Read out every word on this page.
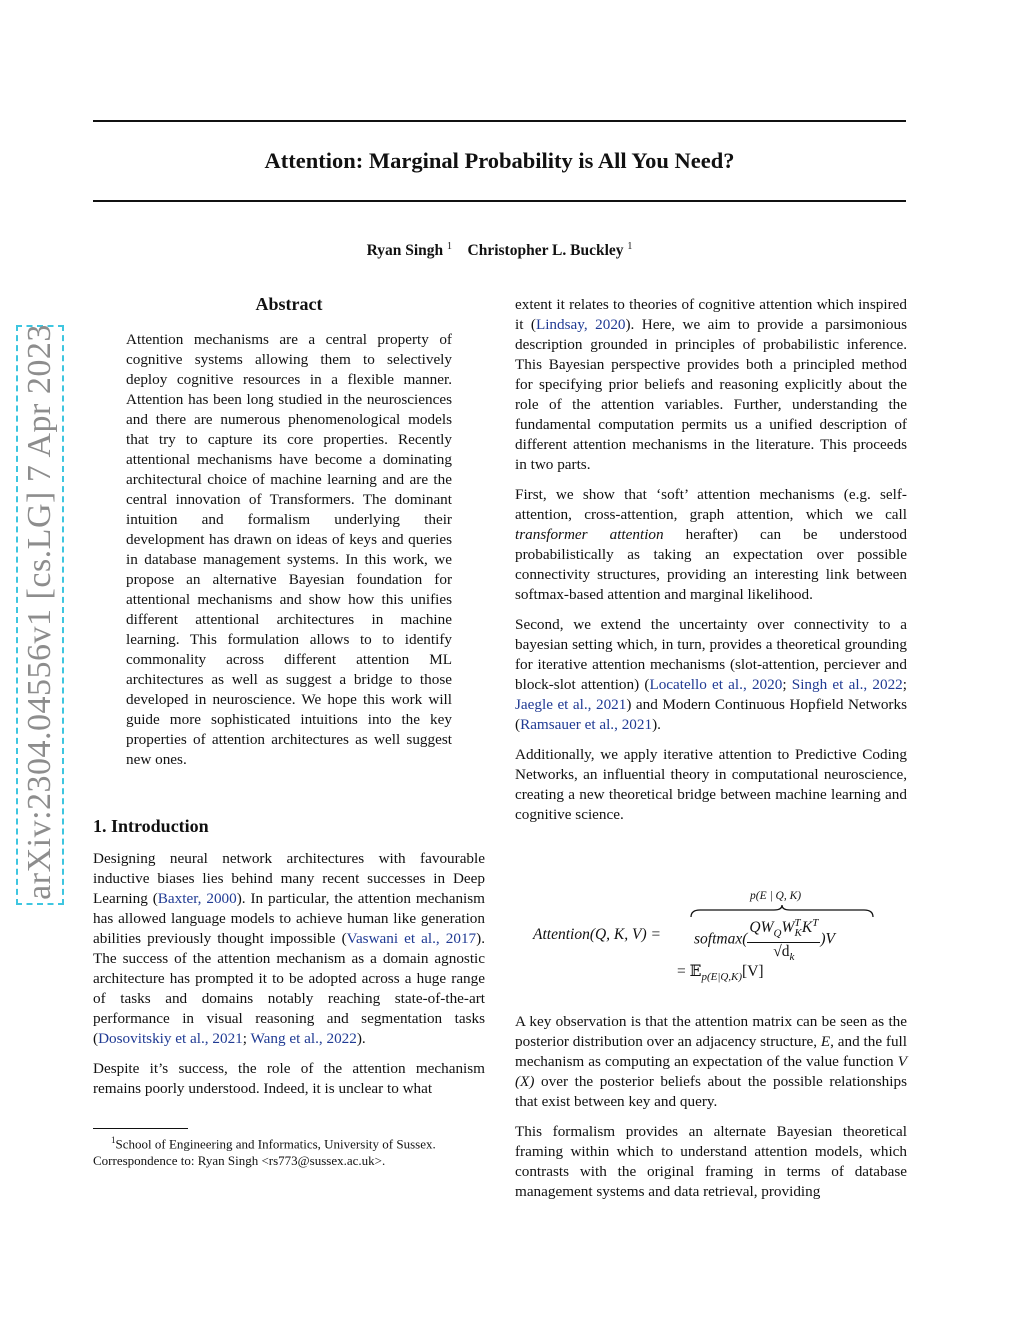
arXiv:2304.04556v1 [cs.LG] 7 Apr 2023
Attention: Marginal Probability is All You Need?
Ryan Singh $^1$ Christopher L. Buckley $^1$
Abstract

Attention mechanisms are a central property of cognitive systems allowing them to selectively deploy cognitive resources in a flexible manner. Attention has been long studied in the neurosciences and there are numerous phenomenological models that try to capture its core properties. Recently attentional mechanisms have become a dominating architectural choice of machine learning and are the central innovation of Transformers. The dominant intuition and formalism underlying their development has drawn on ideas of keys and queries in database management systems. In this work, we propose an alternative Bayesian foundation for attentional mechanisms and show how this unifies different attentional architectures in machine learning. This formulation allows to to identify commonality across different attention ML architectures as well as suggest a bridge to those developed in neuroscience. We hope this work will guide more sophisticated intuitions into the key properties of attention architectures as well suggest new ones.

1. Introduction

Designing neural network architectures with favourable inductive biases lies behind many recent successes in Deep Learning (Baxter, 2000). In particular, the attention mechanism has allowed language models to achieve human like generation abilities previously thought impossible (Vaswani et al., 2017). The success of the attention mechanism as a domain agnostic architecture has prompted it to be adopted across a huge range of tasks and domains notably reaching state-of-the-art performance in visual reasoning and segmentation tasks (Dosovitskiy et al., 2021; Wang et al., 2022).

Despite it’s success, the role of the attention mechanism remains poorly understood. Indeed, it is unclear to what

$^1$School of Engineering and Informatics, University of Sussex.
Correspondence to: Ryan Singh <rs773@sussex.ac.uk>.

extent it relates to theories of cognitive attention which inspired it (Lindsay, 2020). Here, we aim to provide a parsimonious description grounded in principles of probabilistic inference. This Bayesian perspective provides both a principled method for specifying prior beliefs and reasoning explicitly about the role of the attention variables. Further, understanding the fundamental computation permits us a unified description of different attention mechanisms in the literature. This proceeds in two parts.

First, we show that ‘soft’ attention mechanisms (e.g. self-attention, cross-attention, graph attention, which we call transformer attention herafter) can be understood probabilistically as taking an expectation over possible connectivity structures, providing an interesting link between softmax-based attention and marginal likelihood.

Second, we extend the uncertainty over connectivity to a bayesian setting which, in turn, provides a theoretical grounding for iterative attention mechanisms (slot-attention, perciever and block-slot attention) (Locatello et al., 2020; Singh et al., 2022; Jaegle et al., 2021) and Modern Continuous Hopfield Networks (Ramsauer et al., 2021).

Additionally, we apply iterative attention to Predictive Coding Networks, an influential theory in computational neuroscience, creating a new theoretical bridge between machine learning and cognitive science.

p(E | Q, K)
Attention(Q, K, V) = softmax( $\frac{QW_QW^T_KK^T}{√d_k} )V$
= 𝔼$_{p(E|Q,K)}$[V]

A key observation is that the attention matrix can be seen as the posterior distribution over an adjacency structure, E, and the full mechanism as computing an expectation of the value function V (X) over the posterior beliefs about the possible relationships that exist between key and query.

This formalism provides an alternate Bayesian theoretical framing within which to understand attention models, which contrasts with the original framing in terms of database management systems and data retrieval, providing
